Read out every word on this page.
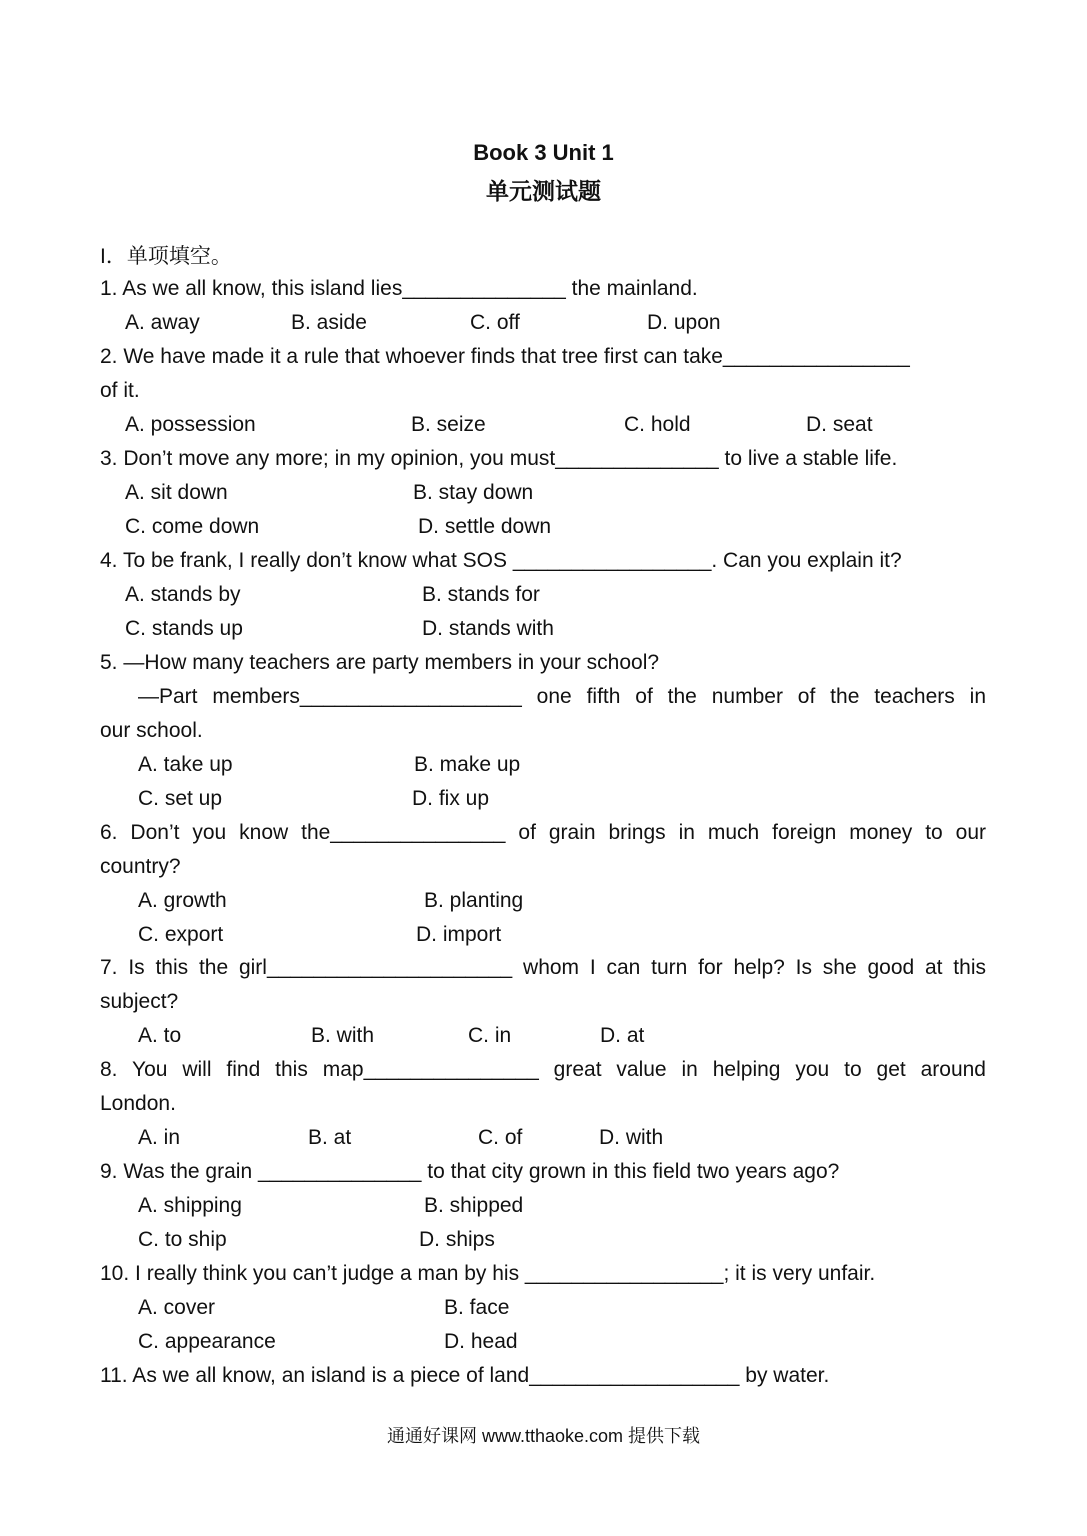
Book 3 Unit 1
单元测试题
I．单项填空。
1. As we all know, this island lies______________ the mainland.
A. away	B. aside	C. off	D. upon
2. We have made it a rule that whoever finds that tree first can take________________
of it.
A. possession	B. seize	C. hold	D. seat
3. Don’t move any more; in my opinion, you must______________ to live a stable life.
A. sit down	B. stay down
C. come down	D. settle down
4. To be frank, I really don’t know what SOS _________________. Can you explain it?
A. stands by	B. stands for
C. stands up	D. stands with
5. —How many teachers are party members in your school?
—Part members___________________ one fifth of the number of the teachers in
our school.
A. take up	B. make up
C. set up	D. fix up
6. Don’t you know the_______________ of grain brings in much foreign money to our
country?
A. growth	B. planting
C. export	D. import
7. Is this the girl_____________________ whom I can turn for help? Is she good at this
subject?
A. to	B. with	C. in	D. at
8. You will find this map_______________ great value in helping you to get around
London.
A. in	B. at	C. of	D. with
9. Was the grain ______________ to that city grown in this field two years ago?
A. shipping	B. shipped
C. to ship	D. ships
10. I really think you can’t judge a man by his _________________; it is very unfair.
A. cover	B. face
C. appearance	D. head
11. As we all know, an island is a piece of land__________________ by water.
通通好课网 www.tthaoke.com 提供下载
